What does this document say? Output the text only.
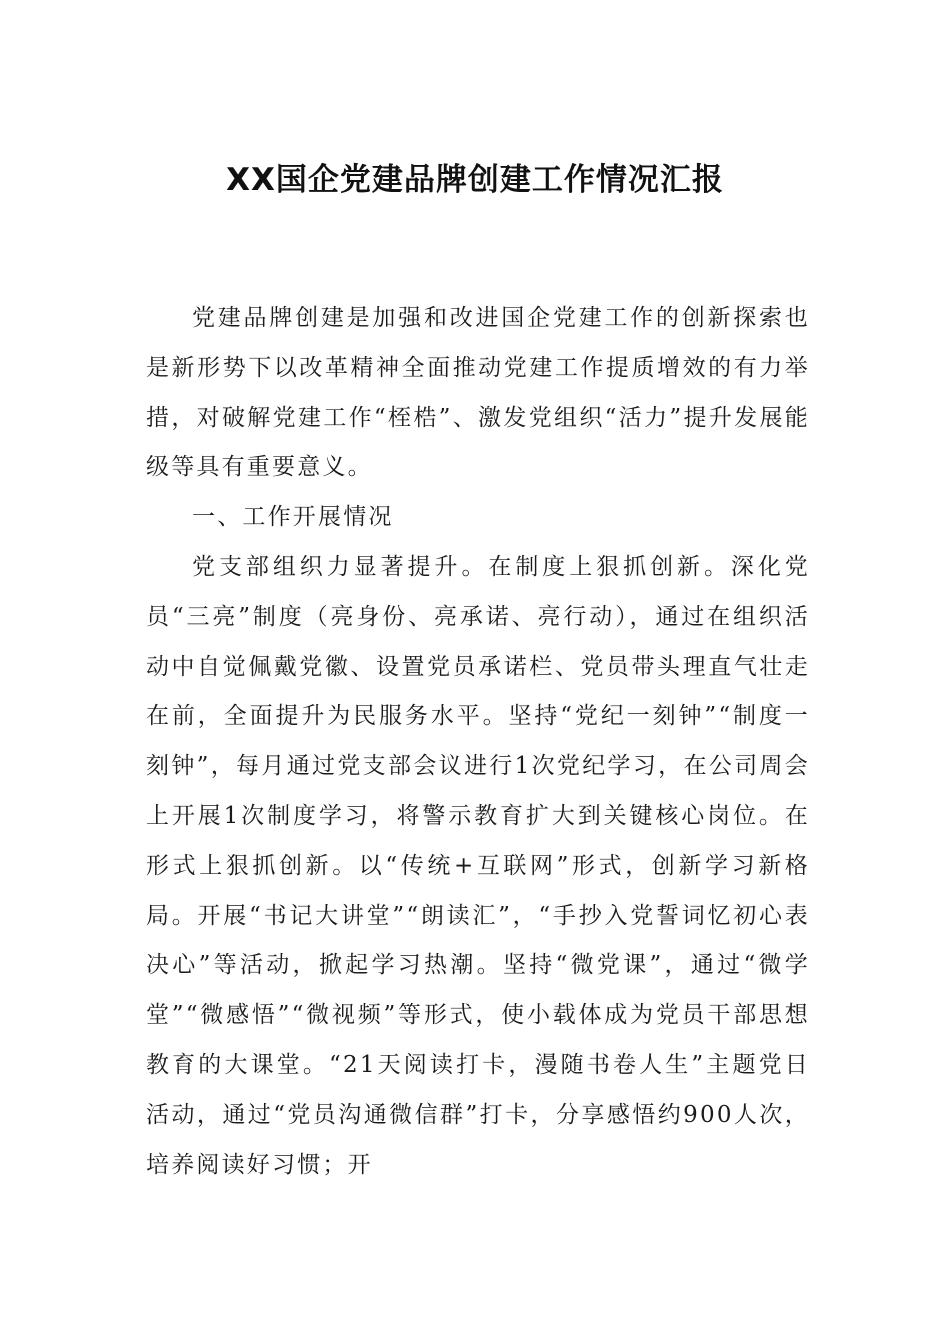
XX国企党建品牌创建工作情况汇报

党建品牌创建是加强和改进国企党建工作的创新探索也是新形势下以改革精神全面推动党建工作提质增效的有力举措，对破解党建工作“桎梏”、激发党组织“活力”提升发展能级等具有重要意义。

一、工作开展情况

党支部组织力显著提升。在制度上狠抓创新。深化党员“三亮”制度（亮身份、亮承诺、亮行动），通过在组织活动中自觉佩戴党徽、设置党员承诺栏、党员带头理直气壮走在前，全面提升为民服务水平。坚持“党纪一刻钟”“制度一刻钟”，每月通过党支部会议进行1次党纪学习，在公司周会上开展1次制度学习，将警示教育扩大到关键核心岗位。在形式上狠抓创新。以“传统+互联网”形式，创新学习新格局。开展“书记大讲堂”“朗读汇”，“手抄入党誓词忆初心表决心”等活动，掀起学习热潮。坚持“微党课”，通过“微学堂”“微感悟”“微视频”等形式，使小载体成为党员干部思想教育的大课堂。“21天阅读打卡，漫随书卷人生”主题党日活动，通过“党员沟通微信群”打卡，分享感悟约900人次，培养阅读好习惯；开
